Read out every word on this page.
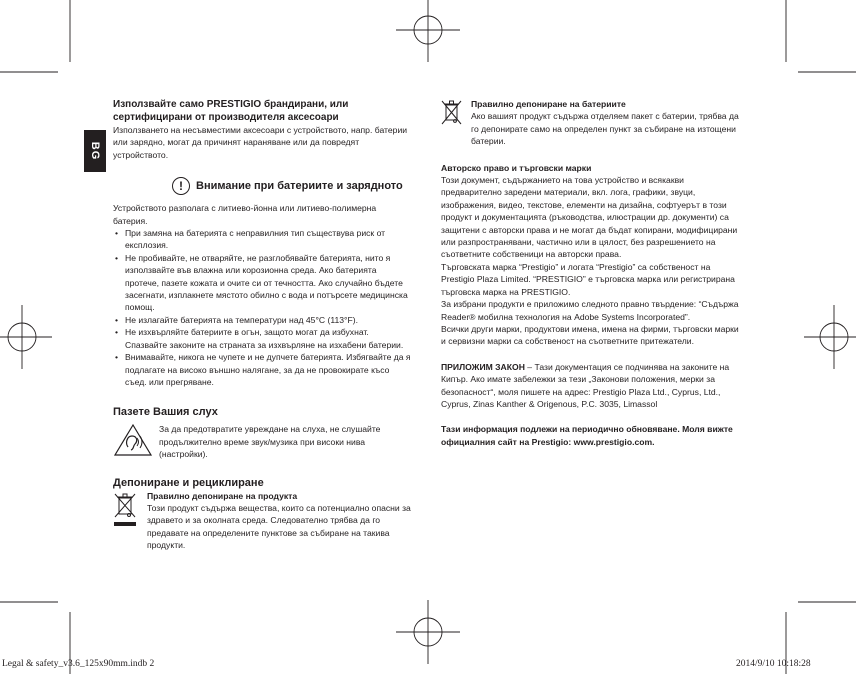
BG
Използвайте само PRESTIGIO брандирани, или
сертифицирани от производителя аксесоари

Използването на несъвместими аксесоари с устройството, напр. батерии или зарядно, могат да причинят нараняване или да повредят устройството.

!	Внимание при батериите и зарядното

Устройството разполага с литиево-йонна или литиево-полимерна батерия.

• При замяна на батерията с неправилния тип съществува риск от експлозия.
• Не пробивайте, не отваряйте, не разглобявайте батерията, нито я използвайте във влажна или корозионна среда. Ако батерията протече, пазете кожата и очите си от течността. Ако случайно бъдете засегнати, изплакнете мястото обилно с вода и потърсете медицинска помощ.
• Не излагайте батерията на температури над 45°C (113°F).
• Не изхвърляйте батериите в огън, защото могат да избухнат. Спазвайте законите на страната за изхвърляне на изхабени батерии.
• Внимавайте, никога не чупете и не дупчете батерията. Избягвайте да я подлагате на високо външно налягане, за да не провокирате късо съед. или прегряване.
Пазете Вашия слух

За да предотвратите увреждане на слуха, не слушайте продължително време звук/музика при високи нива (настройки).

Депониране и рециклиране

Правилно депониране на продукта

Този продукт съдържа вещества, които са потенциално опасни за здравето и за околната среда. Следователно трябва да го предавате на определените пунктове за събиране на такива продукти.

Правилно депониране на батериите

Ако вашият продукт съдържа отделяем пакет с батерии, трябва да го депонирате само на определен пункт за събиране на изтощени батерии.

Авторско право и търговски марки

Този документ, съдържанието на това устройство и всякакви предварително заредени материали, вкл. лога, графики, звуци, изображения, видео, текстове, елементи на дизайна, софтуерът в този продукт и документацията (ръководства, илюстрации др. документи) са защитени с авторски права и не могат да бъдат копирани, модифицирани или разпространявани, частично или в цялост, без разрешението на съответните собственици на авторски права.

Търговската марка “Prestigio” и логата “Prestigio” са собственост на Prestigio Plaza Limited. “PRESTIGIO” е търговска марка или регистрирана търговска марка на PRESTIGIO.

За избрани продукти е приложимо следното правно твърдение: “Съдържа Reader® мобилна технология на Adobe Systems Incorporated”.

Всички други марки, продуктови имена, имена на фирми, търговски марки и сервизни марки са собственост на съответните притежатели.

ПРИЛОЖИМ ЗАКОН – Тази документация се подчинява на законите на Кипър. Ако имате забележки за тези „Законови положения, мерки за безопасност“, моля пишете на адрес: Prestigio Plaza Ltd., Cyprus, Ltd., Cyprus, Zinas Kanther & Origenous, P.C. 3035, Limassol

Тази информация подлежи на периодично обновяване. Моля вижте официалния сайт на Prestigio: www.prestigio.com.

Legal & safety_v3.6_125x90mm.indb 2	2014/9/10 10:18:28
